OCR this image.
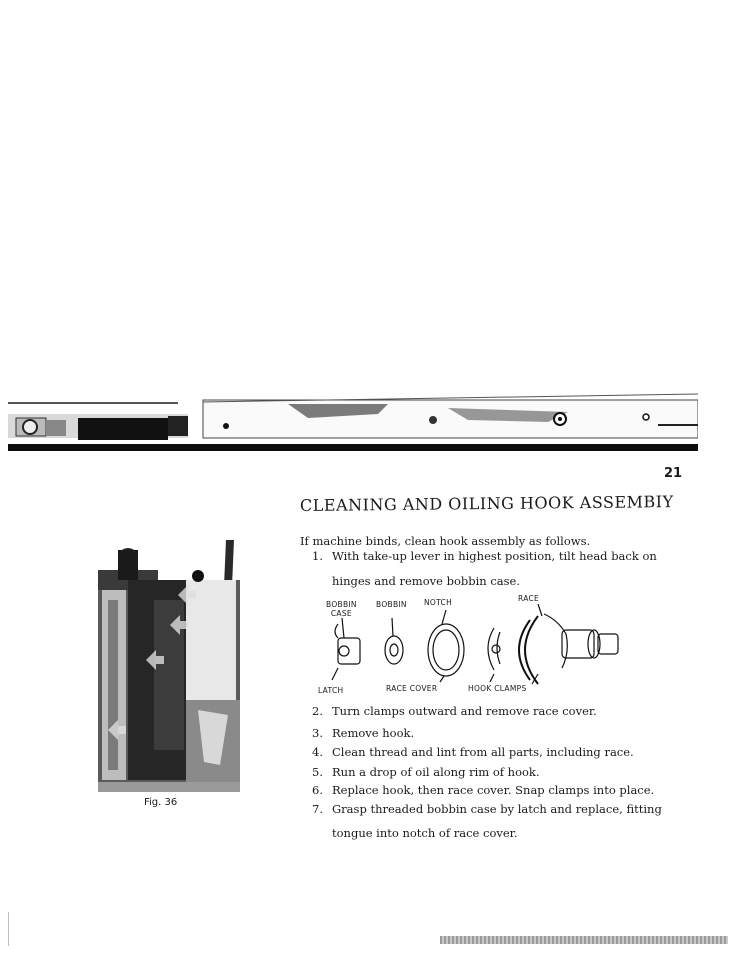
21
CLEANING AND OILING HOOK ASSEMBIY
If machine binds, clean hook assembly as follows.
1. With take-up lever in highest position, tilt head back on
hinges and remove bobbin case.
2. Turn clamps outward and remove race cover.
3. Remove hook.
4. Clean thread and lint from all parts, including race.
5. Run a drop of oil along rim of hook.
6. Replace hook, then race cover. Snap clamps into place.
7. Grasp threaded bobbin case by latch and replace, fitting
tongue into notch of race cover.
Fig. 36
BOBBIN
CASE
BOBBIN NOTCH	RACE
LATCH	RACE COVER	HOOK CLAMPS
